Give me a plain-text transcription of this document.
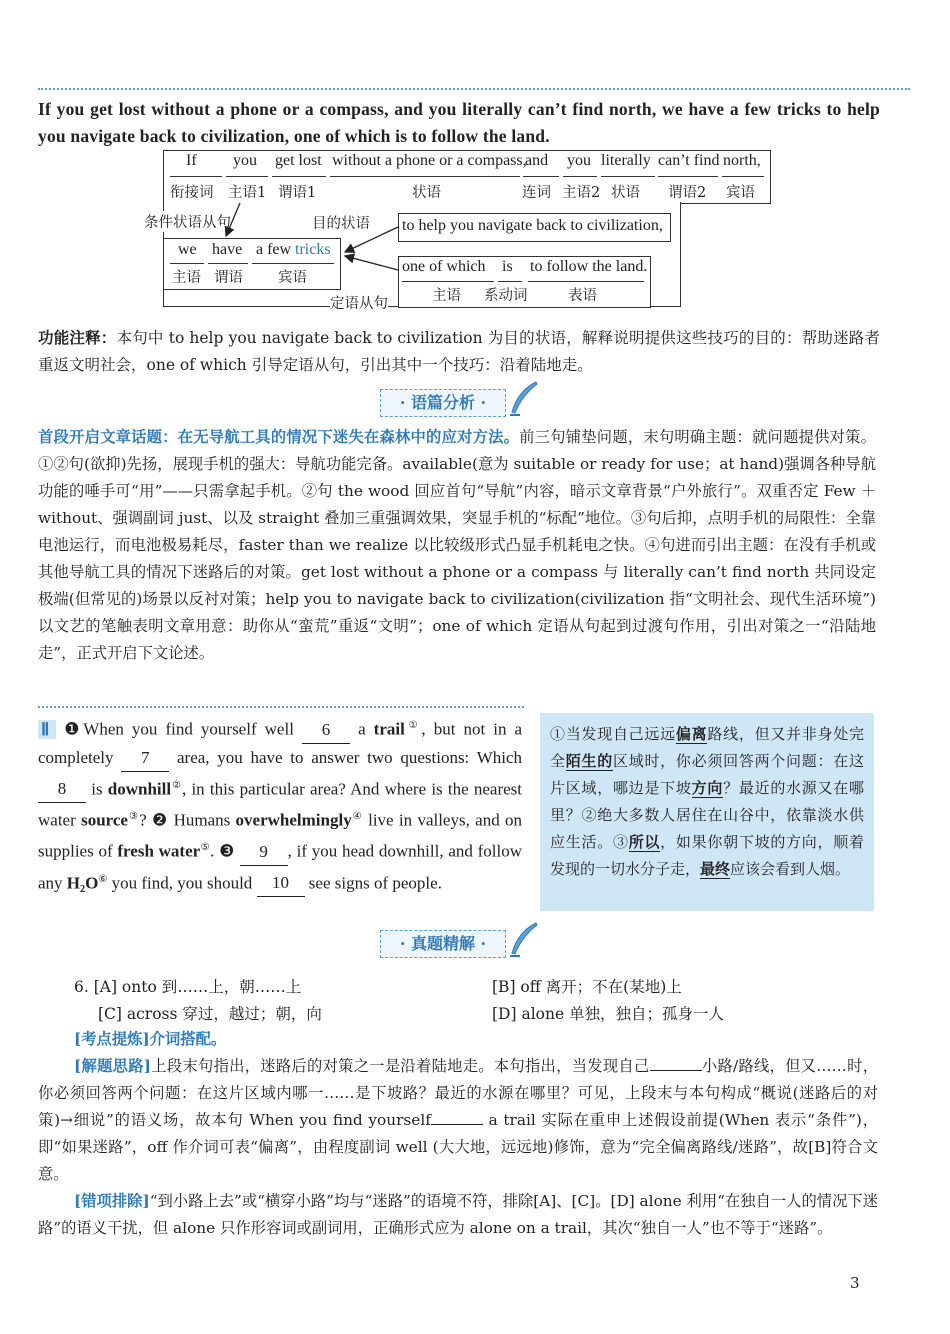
If you get lost without a phone or a compass, and you literally can’t find north, we have a few tricks to help you navigate back to civilization, one of which is to follow the land.
If you get lost without a phone or a compass,
and you literally can’t find north,
衔接词 主语1 谓语1	状语	连词 主语2 状语 谓语2 宾语
条件状语从句	目的状语
定语从句
we have a few tricks
主语 谓语 宾语
to help you navigate back to civilization,
one of which is to follow the land.
主语 系动词	表语
功能注释：本句中 to help you navigate back to civilization 为目的状语，解释说明提供这些技巧的目的：帮助迷路者重返文明社会，one of which 引导定语从句，引出其中一个技巧：沿着陆地走。
· 语篇分析 ·
首段开启文章话题：在无导航工具的情况下迷失在森林中的应对方法。前三句铺垫问题，末句明确主题：就问题提供对策。①②句(欲抑)先扬，展现手机的强大：导航功能完备。available(意为 suitable or ready for use；at hand)强调各种导航功能的唾手可“用”——只需拿起手机。②句 the wood 回应首句“导航”内容，暗示文章背景“户外旅行”。双重否定 Few ＋ without、强调副词 just、以及 straight 叠加三重强调效果，突显手机的“标配”地位。③句后抑，点明手机的局限性：全靠电池运行，而电池极易耗尽，faster than we realize 以比较级形式凸显手机耗电之快。④句进而引出主题：在没有手机或其他导航工具的情况下迷路后的对策。get lost without a phone or a compass 与 literally can’t find north 共同设定极端(但常见的)场景以反衬对策；help you to navigate back to civilization(civilization 指“文明社会、现代生活环境”)以文艺的笔触表明文章用意：助你从“蛮荒”重返“文明”；one of which 定语从句起到过渡句作用，引出对策之一“沿陆地走”，正式开启下文论述。
Ⅱ ❶When you find yourself well 6 a trail①, but not in a completely 7 area, you have to answer two questions: Which 8 is downhill②, in this particular area? And where is the nearest water source③? ❷ Humans overwhelmingly④ live in valleys, and on supplies of fresh water⑤. ❸ 9 , if you head downhill, and follow any H₂O⑥ you find, you should 10 see signs of people.
①当发现自己远远偏离路线，但又并非身处完全陌生的区域时，你必须回答两个问题：在这片区域，哪边是下坡方向？最近的水源又在哪里？②绝大多数人居住在山谷中，依靠淡水供应生活。③所以，如果你朝下坡的方向，顺着发现的一切水分子走，最终应该会看到人烟。
· 真题精解 ·
6. [A] onto 到……上，朝……上	[B] off 离开；不在(某地)上
[C] across 穿过，越过；朝，向	[D] alone 单独，独自；孤身一人
[考点提炼]介词搭配。
[解题思路]上段末句指出，迷路后的对策之一是沿着陆地走。本句指出，当发现自己	小路/路线，但又……时，你必须回答两个问题：在这片区域内哪一……是下坡路？最近的水源在哪里？可见，上段末与本句构成“概说(迷路后的对策)→细说”的语义场，故本句 When you find yourself	a trail 实际在重申上述假设前提(When 表示“条件”)，即“如果迷路”，off 作介词可表“偏离”，由程度副词 well (大大地，远远地)修饰，意为“完全偏离路线/迷路”，故[B]符合文意。
[错项排除]“到小路上去”或“横穿小路”均与“迷路”的语境不符，排除[A]、[C]。[D] alone 利用“在独自一人的情况下迷路”的语义干扰，但 alone 只作形容词或副词用，正确形式应为 alone on a trail，其次“独自一人”也不等于“迷路”。
3
